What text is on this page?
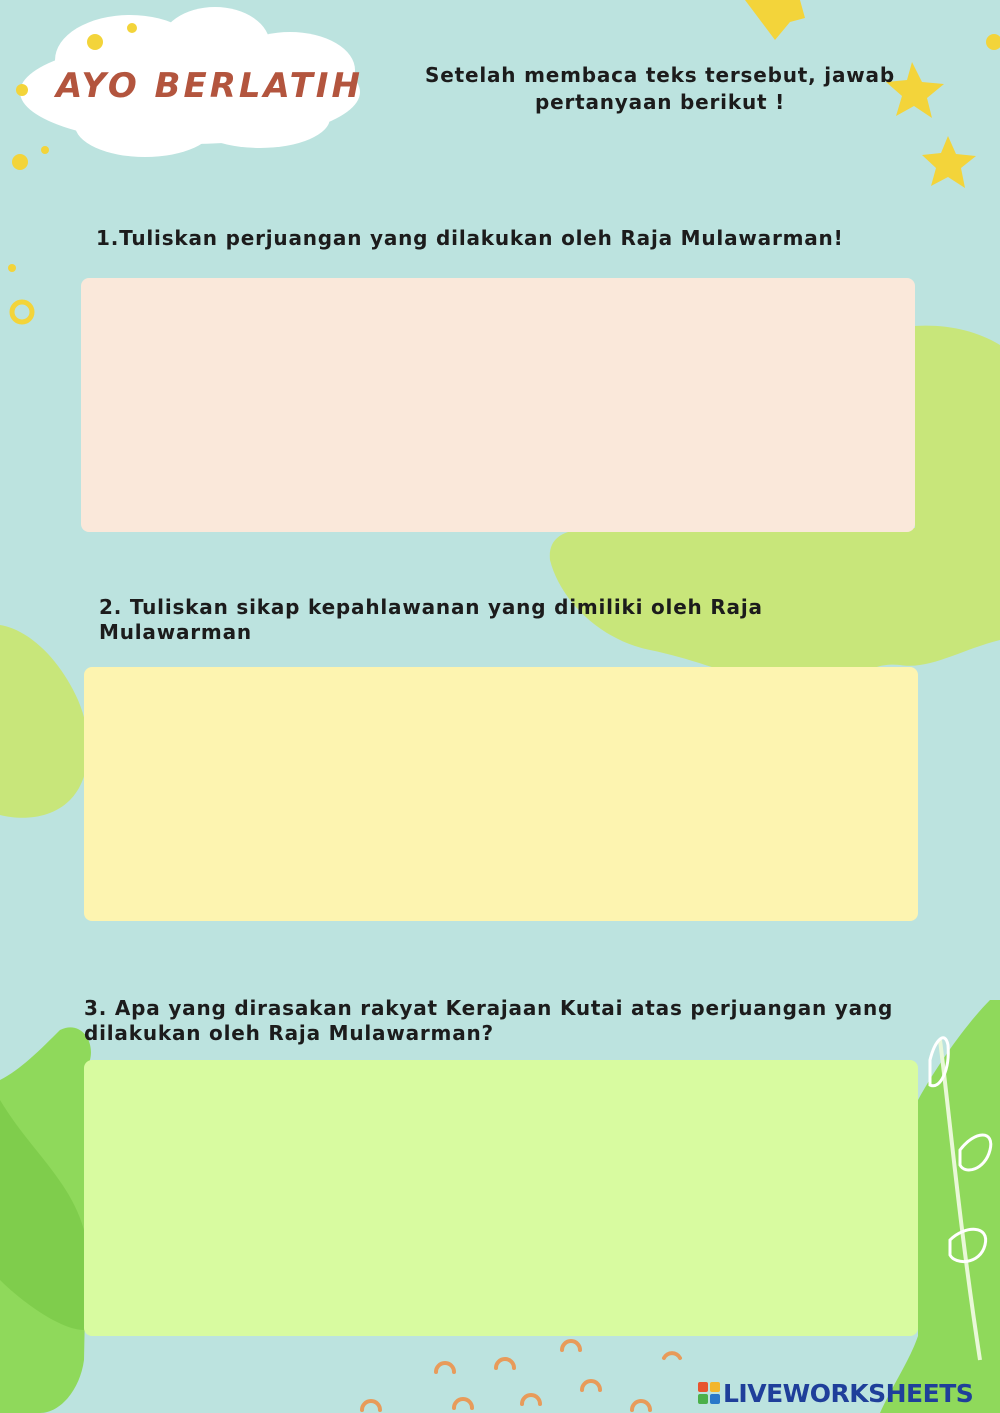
AYO BERLATIH	Setelah membaca teks tersebut, jawab pertanyaan berikut !

1.Tuliskan perjuangan yang dilakukan oleh Raja Mulawarman!

2. Tuliskan sikap kepahlawanan yang dimiliki oleh Raja Mulawarman

3. Apa yang dirasakan rakyat Kerajaan Kutai atas perjuangan yang dilakukan oleh Raja Mulawarman?

LIVEWORKSHEETS
